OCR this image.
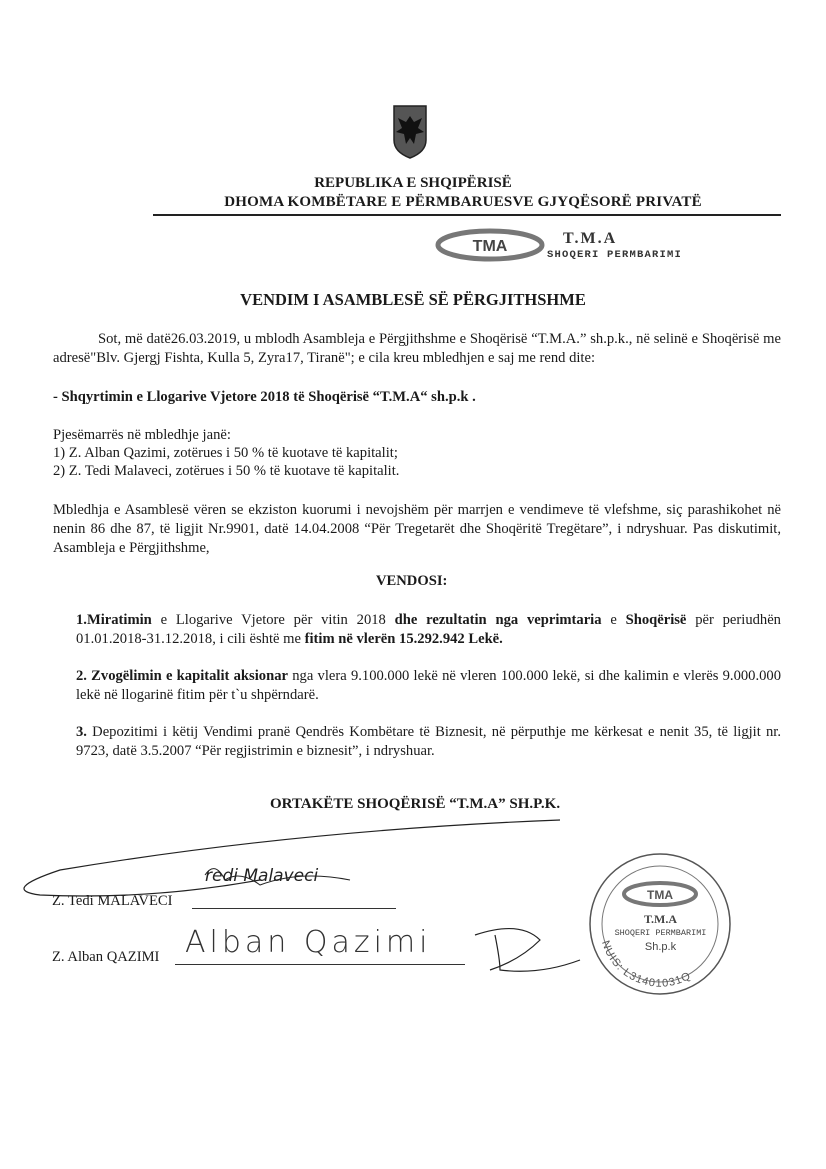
REPUBLIKA E SHQIPËRISË
DHOMA KOMBËTARE E PËRMBARUESVE GJYQËSORË PRIVATË
TMA	T.M.A
SHOQERI PERMBARIMI
VENDIM I ASAMBLESË SË PËRGJITHSHME
Sot, më datë26.03.2019, u mblodh Asambleja e Përgjithshme e Shoqërisë “T.M.A.” sh.p.k., në selinë e Shoqërisë me adresë"Blv. Gjergj Fishta, Kulla 5, Zyra17, Tiranë"; e cila kreu mbledhjen e saj me rend dite:
- Shqyrtimin e Llogarive Vjetore 2018 të Shoqërisë “T.M.A“ sh.p.k .
Pjesëmarrës në mbledhje janë:
1) Z. Alban Qazimi, zotërues i 50 % të kuotave të kapitalit;
2) Z. Tedi Malaveci, zotërues i 50 % të kuotave të kapitalit.
Mbledhja e Asamblesë vëren se ekziston kuorumi i nevojshëm për marrjen e vendimeve të vlefshme, siç parashikohet në nenin 86 dhe 87, të ligjit Nr.9901, datë 14.04.2008 “Për Tregetarët dhe Shoqëritë Tregëtare”, i ndryshuar. Pas diskutimit, Asambleja e Përgjithshme,
VENDOSI:
1.Miratimin e Llogarive Vjetore për vitin 2018 dhe rezultatin nga veprimtaria e Shoqërisë për periudhën 01.01.2018-31.12.2018, i cili është me fitim në vlerën 15.292.942 Lekë.
2. Zvogëlimin e kapitalit aksionar nga vlera 9.100.000 lekë në vleren 100.000 lekë, si dhe kalimin e vlerës 9.000.000 lekë në llogarinë fitim për t`u shpërndarë.
3. Depozitimi i këtij Vendimi pranë Qendrës Kombëtare të Biznesit, në përputhje me kërkesat e nenit 35, të ligjit nr. 9723, datë 3.5.2007 “Për regjistrimin e biznesit”, i ndryshuar.
ORTAKËTE SHOQËRISË “T.M.A” SH.P.K.
Z. Tedi MALAVECI
redi Malaveci
Z. Alban QAZIMI Alban Qazimi
TMA
NUIS: L31401031Q
T.M.A
SHOQERI PERMBARIMI
Sh.p.k
